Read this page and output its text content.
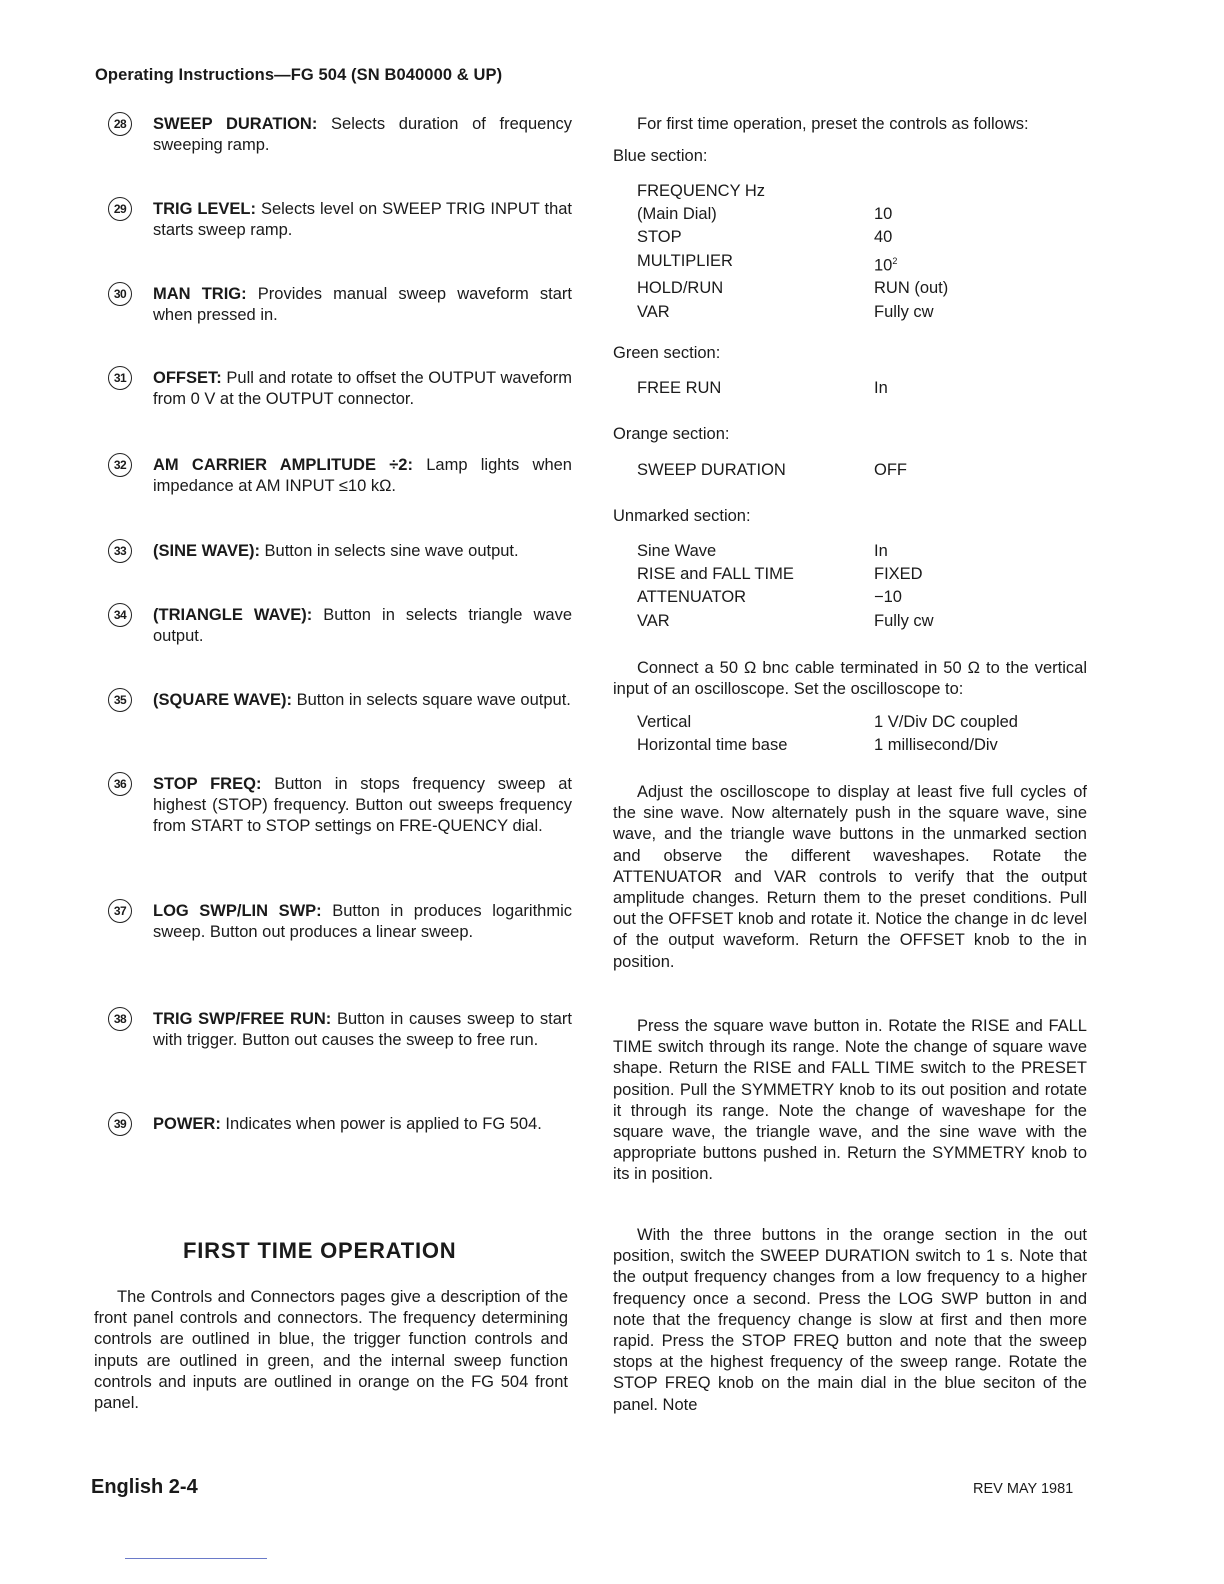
Operating Instructions—FG 504 (SN B040000 & UP)
28	SWEEP DURATION: Selects duration of frequency sweeping ramp.
29	TRIG LEVEL: Selects level on SWEEP TRIG INPUT that starts sweep ramp.
30	MAN TRIG: Provides manual sweep waveform start when pressed in.
31	OFFSET: Pull and rotate to offset the OUTPUT waveform from 0 V at the OUTPUT connector.
32	AM CARRIER AMPLITUDE ÷2: Lamp lights when impedance at AM INPUT ≤10 kΩ.
33	(SINE WAVE): Button in selects sine wave output.
34	(TRIANGLE WAVE): Button in selects triangle wave output.
35	(SQUARE WAVE): Button in selects square wave output.
36	STOP FREQ: Button in stops frequency sweep at highest (STOP) frequency. Button out sweeps frequency from START to STOP settings on FRE-QUENCY dial.
37	LOG SWP/LIN SWP: Button in produces logarithmic sweep. Button out produces a linear sweep.
38	TRIG SWP/FREE RUN: Button in causes sweep to start with trigger. Button out causes the sweep to free run.
39	POWER: Indicates when power is applied to FG 504.
FIRST TIME OPERATION
The Controls and Connectors pages give a description of the front panel controls and connectors. The frequency determining controls are outlined in blue, the trigger function controls and inputs are outlined in green, and the internal sweep function controls and inputs are outlined in orange on the FG 504 front panel.
For first time operation, preset the controls as follows:
Blue section:
FREQUENCY Hz
(Main Dial)	10
STOP	40
MULTIPLIER	$10^2$
HOLD/RUN	RUN (out)
VAR	Fully cw
Green section:
FREE RUN	In
Orange section:
SWEEP DURATION	OFF
Unmarked section:
Sine Wave	In
RISE and FALL TIME	FIXED
ATTENUATOR	−10
VAR	Fully cw
Connect a 50 Ω bnc cable terminated in 50 Ω to the vertical input of an oscilloscope. Set the oscilloscope to:
Vertical	1 V/Div DC coupled
Horizontal time base	1 millisecond/Div
Adjust the oscilloscope to display at least five full cycles of the sine wave. Now alternately push in the square wave, sine wave, and the triangle wave buttons in the unmarked section and observe the different waveshapes. Rotate the ATTENUATOR and VAR controls to verify that the output amplitude changes. Return them to the preset conditions. Pull out the OFFSET knob and rotate it. Notice the change in dc level of the output waveform. Return the OFFSET knob to the in position.
Press the square wave button in. Rotate the RISE and FALL TIME switch through its range. Note the change of square wave shape. Return the RISE and FALL TIME switch to the PRESET position. Pull the SYMMETRY knob to its out position and rotate it through its range. Note the change of waveshape for the square wave, the triangle wave, and the sine wave with the appropriate buttons pushed in. Return the SYMMETRY knob to its in position.
With the three buttons in the orange section in the out position, switch the SWEEP DURATION switch to 1 s. Note that the output frequency changes from a low frequency to a higher frequency once a second. Press the LOG SWP button in and note that the frequency change is slow at first and then more rapid. Press the STOP FREQ button and note that the sweep stops at the highest frequency of the sweep range. Rotate the STOP FREQ knob on the main dial in the blue seciton of the panel. Note
English 2-4	REV MAY 1981
